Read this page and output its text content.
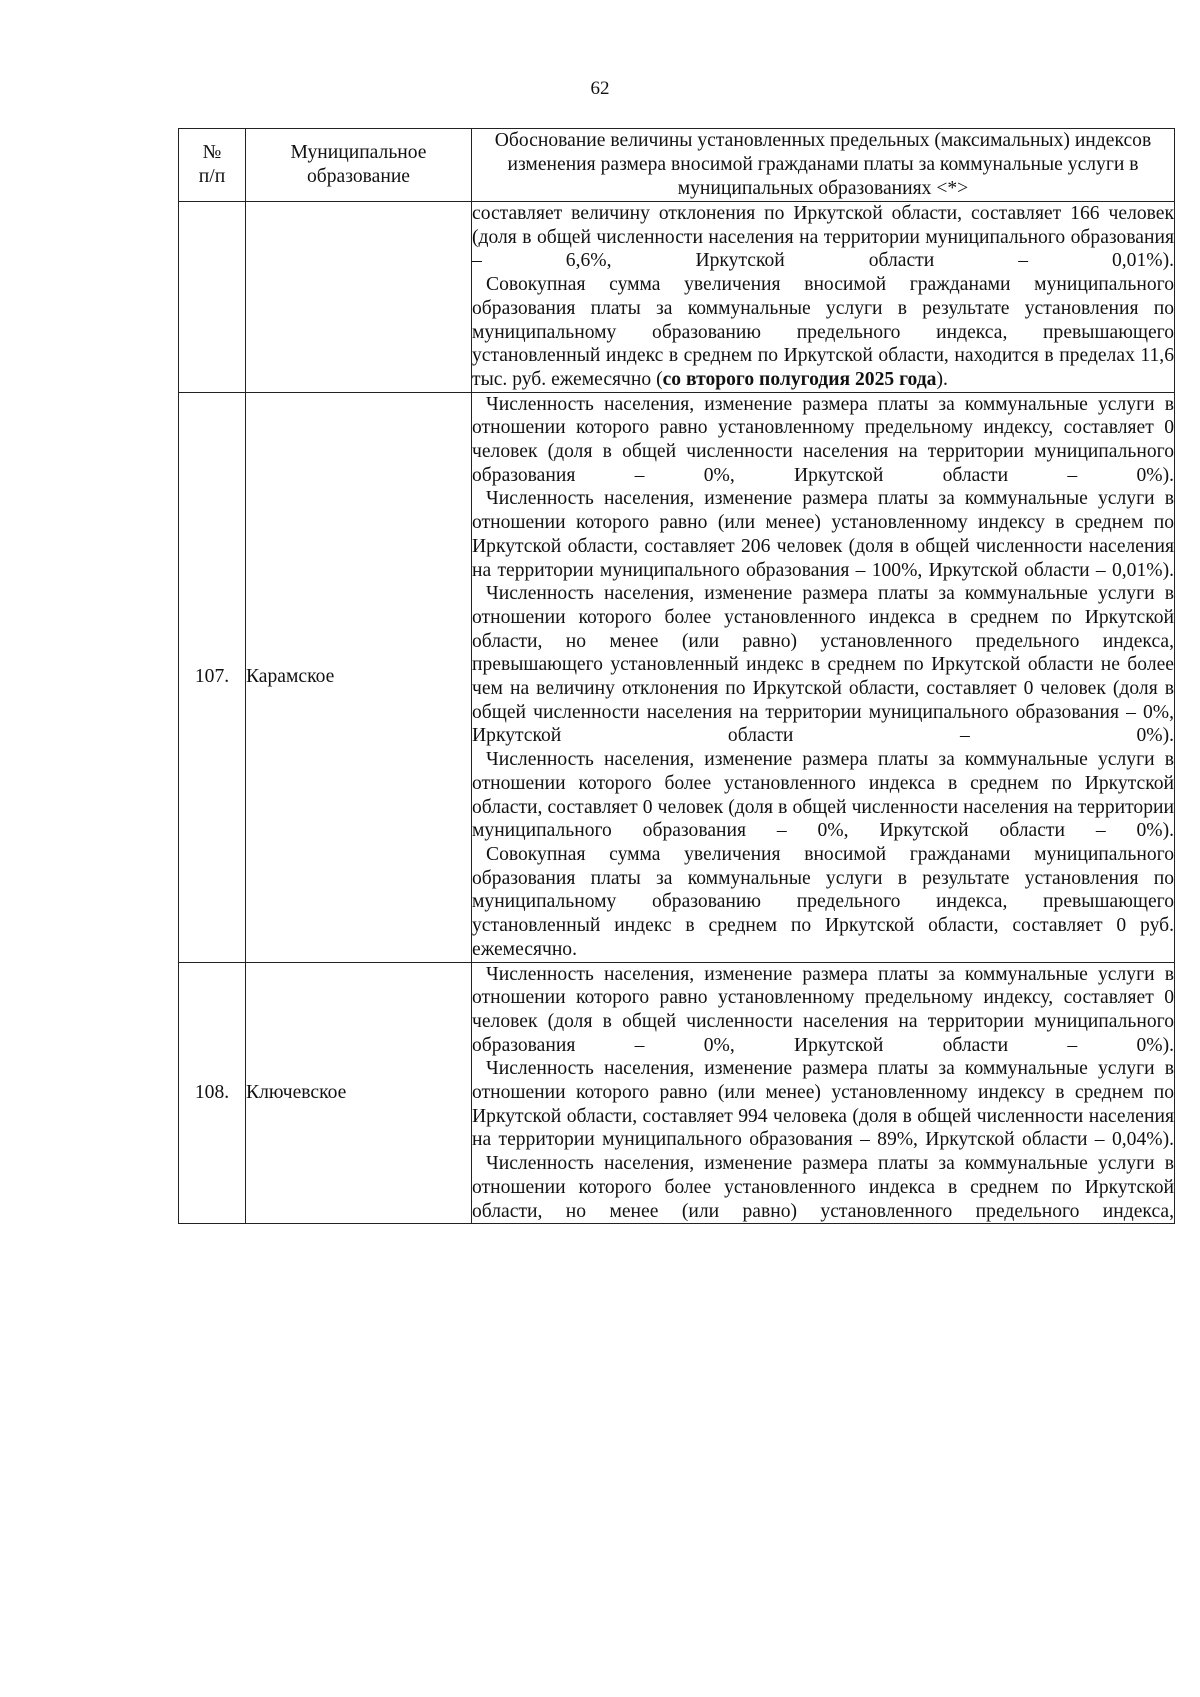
62
№ п/п	Муниципальное образование	Обоснование величины установленных предельных (максимальных) индексов изменения размера вносимой гражданами платы за коммунальные услуги в муниципальных образованиях <*>

		составляет величину отклонения по Иркутской области, составляет 166 человек (доля в общей численности населения на территории муниципального образования – 6,6%, Иркутской области – 0,01%).

Совокупная сумма увеличения вносимой гражданами муниципального образования платы за коммунальные услуги в результате установления по муниципальному образованию предельного индекса, превышающего установленный индекс в среднем по Иркутской области, находится в пределах 11,6 тыс. руб. ежемесячно (со второго полугодия 2025 года).

107.	Карамское	Численность населения, изменение размера платы за коммунальные услуги в отношении которого равно установленному предельному индексу, составляет 0 человек (доля в общей численности населения на территории муниципального образования – 0%, Иркутской области – 0%).

Численность населения, изменение размера платы за коммунальные услуги в отношении которого равно (или менее) установленному индексу в среднем по Иркутской области, составляет 206 человек (доля в общей численности населения на территории муниципального образования – 100%, Иркутской области – 0,01%).

Численность населения, изменение размера платы за коммунальные услуги в отношении которого более установленного индекса в среднем по Иркутской области, но менее (или равно) установленного предельного индекса, превышающего установленный индекс в среднем по Иркутской области не более чем на величину отклонения по Иркутской области, составляет 0 человек (доля в общей численности населения на территории муниципального образования – 0%, Иркутской области – 0%).

Численность населения, изменение размера платы за коммунальные услуги в отношении которого более установленного индекса в среднем по Иркутской области, составляет 0 человек (доля в общей численности населения на территории муниципального образования – 0%, Иркутской области – 0%).

Совокупная сумма увеличения вносимой гражданами муниципального образования платы за коммунальные услуги в результате установления по муниципальному образованию предельного индекса, превышающего установленный индекс в среднем по Иркутской области, составляет 0 руб. ежемесячно.

108.	Ключевское	Численность населения, изменение размера платы за коммунальные услуги в отношении которого равно установленному предельному индексу, составляет 0 человек (доля в общей численности населения на территории муниципального образования – 0%, Иркутской области – 0%).

Численность населения, изменение размера платы за коммунальные услуги в отношении которого равно (или менее) установленному индексу в среднем по Иркутской области, составляет 994 человека (доля в общей численности населения на территории муниципального образования – 89%, Иркутской области – 0,04%).

Численность населения, изменение размера платы за коммунальные услуги в отношении которого более установленного индекса в среднем по Иркутской области, но менее (или равно) установленного предельного индекса,
